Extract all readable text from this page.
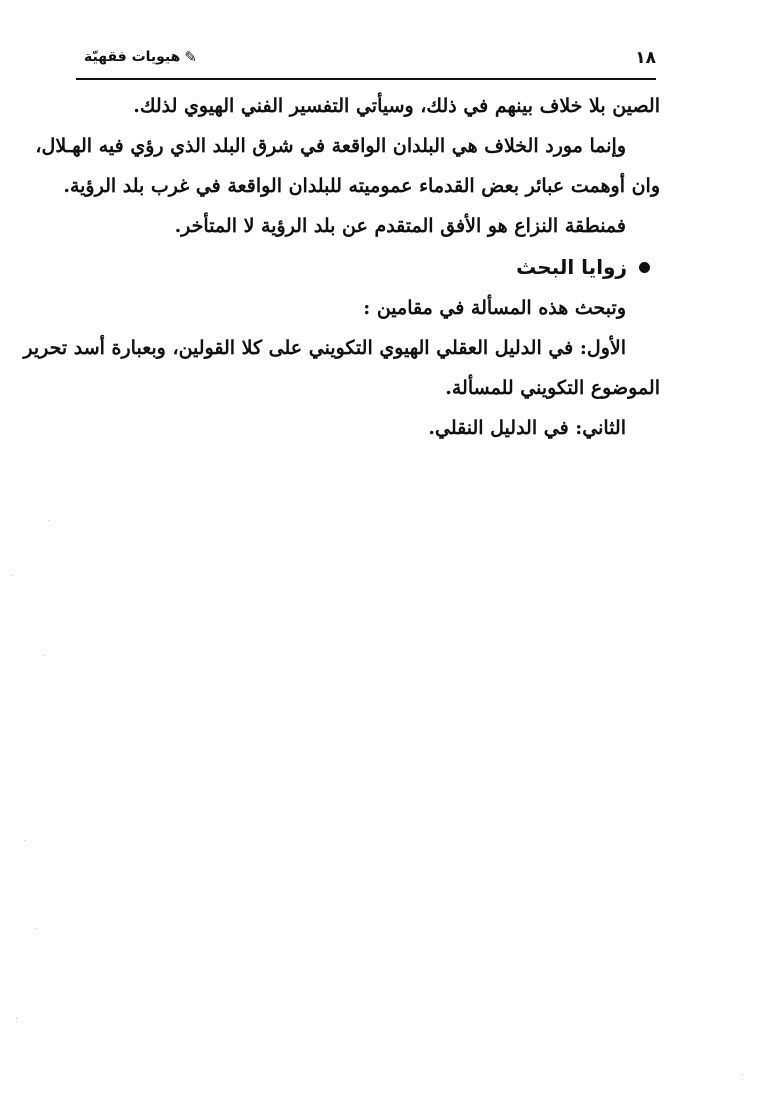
✎هيويات فقهيّة	١٨

الصين بلا خلاف بينهم في ذلك، وسيأتي التفسير الفني الهيوي لذلك.

وإنما مورد الخلاف هي البلدان الواقعة في شرق البلد الذي رؤي فيه الهـلال،

وان أوهمت عبائر بعض القدماء عموميته للبلدان الواقعة في غرب بلد الرؤية.

فمنطقة النزاع هو الأفق المتقدم عن بلد الرؤية لا المتأخر.

زوايا البحث

وتبحث هذه المسألة في مقامين :

الأول: في الدليل العقلي الهيوي التكويني على كلا القولين، وبعبارة أسد تحرير

الموضوع التكويني للمسألة.

الثاني: في الدليل النقلي.
